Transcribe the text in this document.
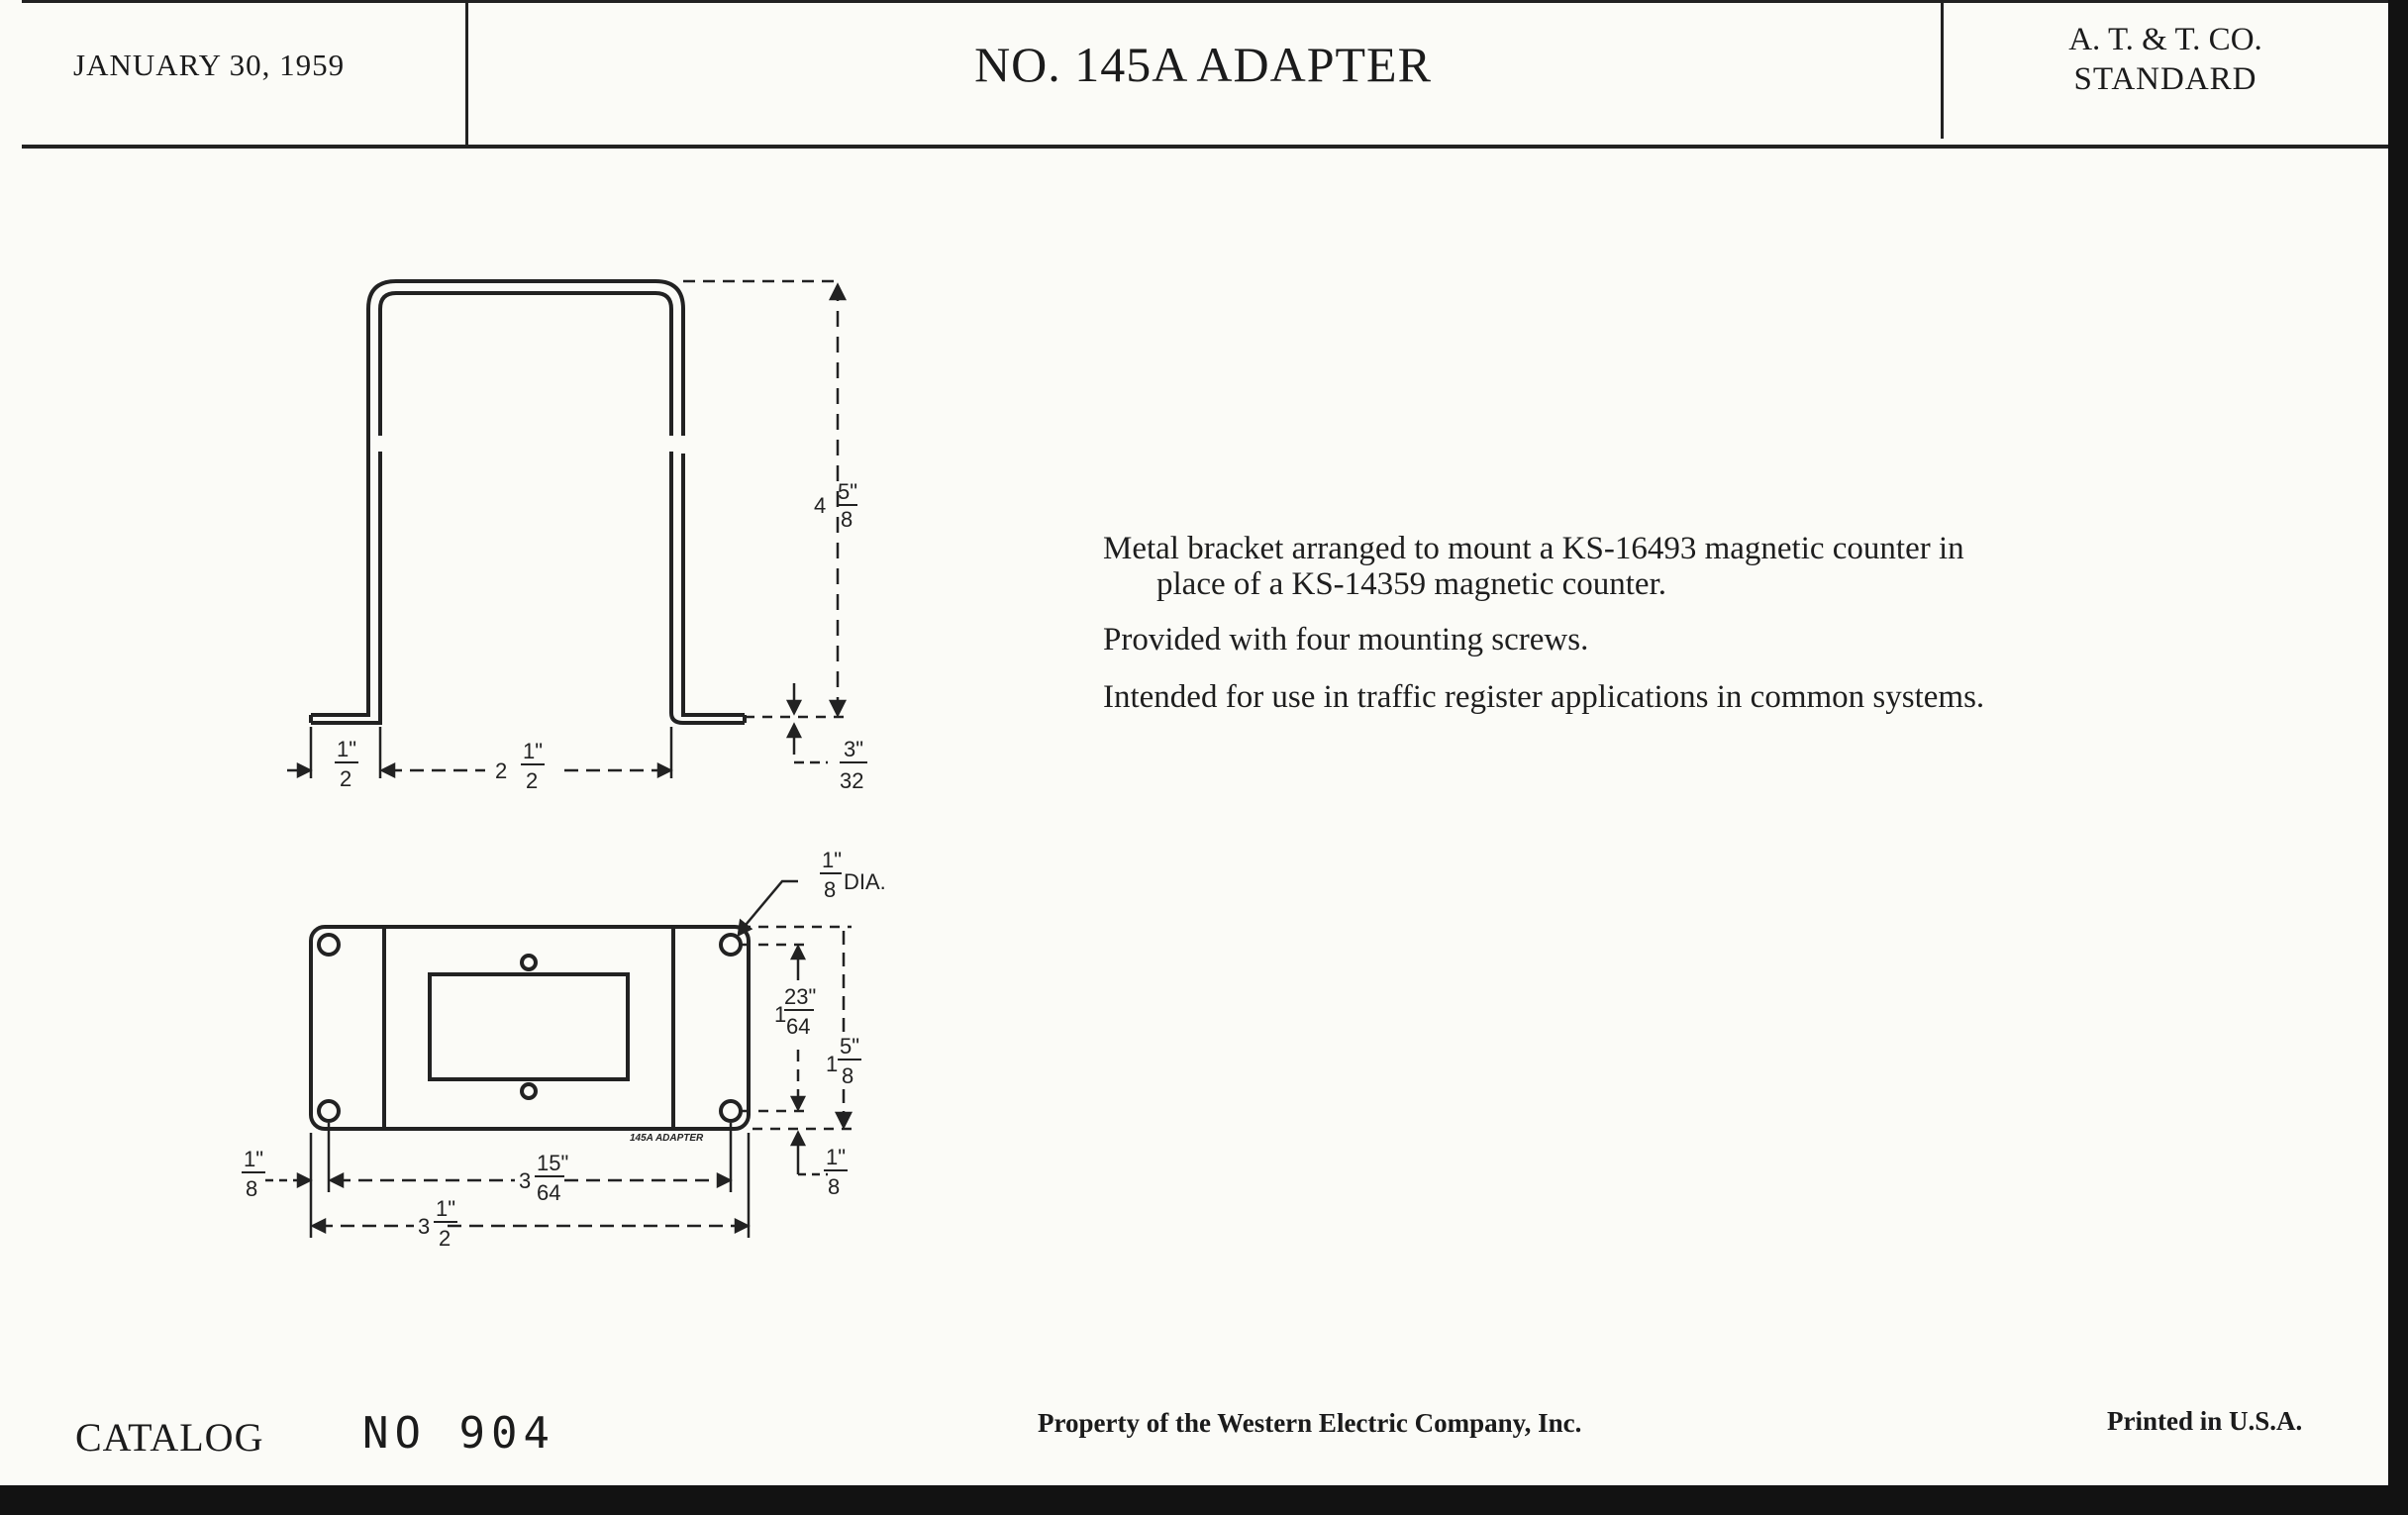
JANUARY 30, 1959	NO. 145A ADAPTER	A. T. & T. CO.
STANDARD
Metal bracket arranged to mount a KS-16493 magnetic counter in
place of a KS-14359 magnetic counter.
Provided with four mounting screws.
Intended for use in traffic register applications in common systems.
CATALOG NO 904	Property of the Western Electric Company, Inc.	Printed in U.S.A.
4
5"
8
1"
2	2
1"
2
3"
32
145A ADAPTER
1"
8 DIA.
1
23"
64
1
5"
8
1"
8
1"
8
3
15"
64
3
1"
2
